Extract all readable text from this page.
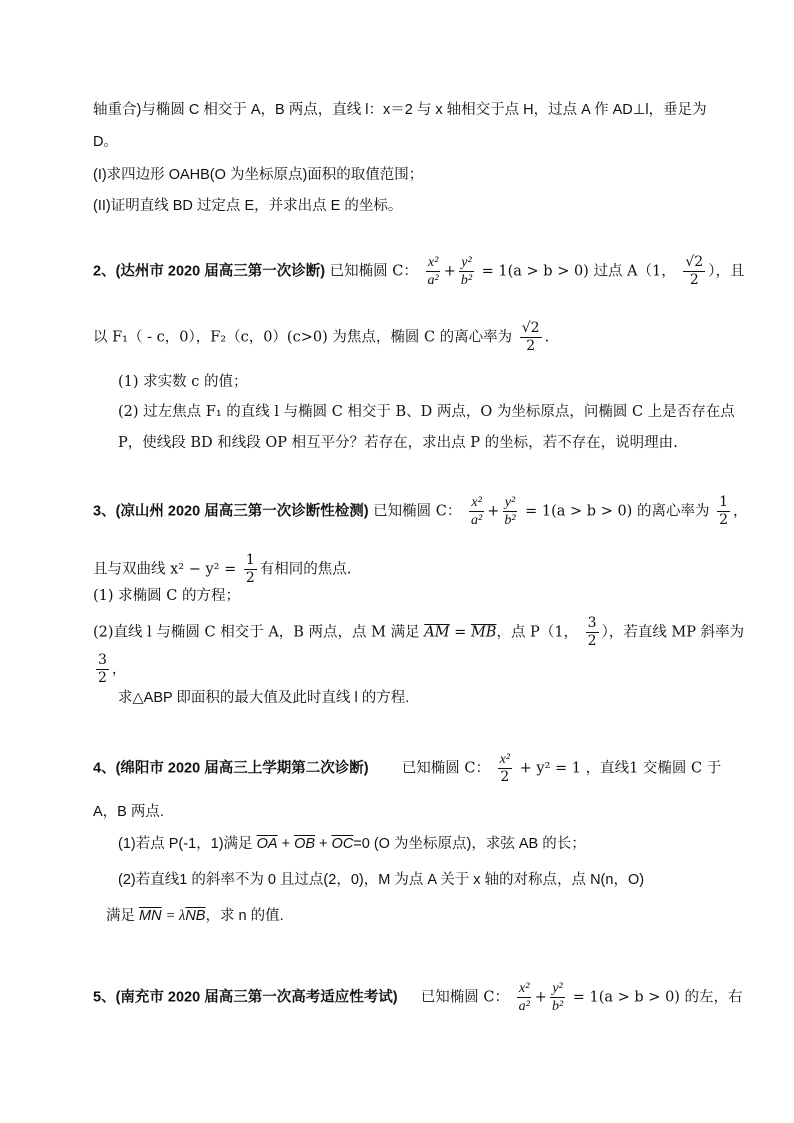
轴重合)与椭圆 C 相交于 A，B 两点，直线 l：x＝2 与 x 轴相交于点 H，过点 A 作 AD⊥l，垂足为
D。
(I)求四边形 OAHB(O 为坐标原点)面积的取值范围；
(II)证明直线 BD 过定点 E，并求出点 E 的坐标。
2、(达州市 2020 届高三第一次诊断) 已知椭圆 C： $\frac{\text{x²}}{\text{a²}} + \frac{\text{y²}}{\text{b²}} = 1(a > b > 0)$ 过点 A（1， $\frac{√2}{2}$ ），且
以 F₁（ - c，0），F₂（c，0）(c>0) 为焦点，椭圆 C 的离心率为 $\frac{√2}{2}$ .
(1) 求实数 c 的值；
(2) 过左焦点 F₁ 的直线 l 与椭圆 C 相交于 B、D 两点，O 为坐标原点，问椭圆 C 上是否存在点
P，使线段 BD 和线段 OP 相互平分？若存在，求出点 P 的坐标，若不存在，说明理由.
3、(凉山州 2020 届高三第一次诊断性检测) 已知椭圆 C： $\frac{\text{x²}}{\text{a²}} + \frac{\text{y²}}{\text{b²}} = 1(a > b > 0)$ 的离心率为 $\frac{1}{2}$ ，
且与双曲线 $x^2 - y^2 = \frac{1}{2}$ 有相同的焦点.
(1) 求椭圆 C 的方程；
(2)直线 l 与椭圆 C 相交于 A，B 两点，点 M 满足 $\overline{AM} = \overline{MB}$，点 P（1， $\frac{3}{2}$ ），若直线 MP 斜率为
$\frac{3}{2}$ ，
求△ABP 即面积的最大值及此时直线 l 的方程.
4、(绵阳市 2020 届高三上学期第二次诊断) 已知椭圆 C： $\frac{\text{x²}}{2} + y^2 = 1$ ，直线1 交椭圆 C 于
A，B 两点.
(1)若点 P(-1，1)满足 $\overline{OA} + \overline{OB} + \overline{OC}=0$ (O 为坐标原点)，求弦 AB 的长；
(2)若直线1 的斜率不为 0 且过点(2，0)，M 为点 A 关于 x 轴的对称点，点 N(n，O)
满足 $\overline{MN} = \lambda\overline{NB}$，求 n 的值.
5、(南充市 2020 届高三第一次高考适应性考试) 已知椭圆 C： $\frac{\text{x²}}{\text{a²}} + \frac{\text{y²}}{\text{b²}} = 1(a > b > 0)$ 的左，右
